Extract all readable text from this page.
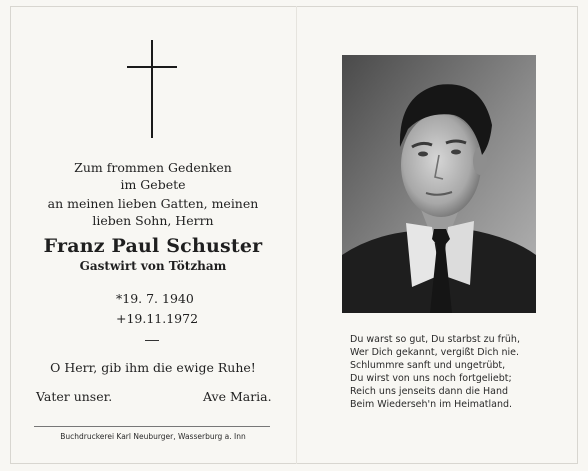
Zum frommen Gedenken
im Gebete
an meinen lieben Gatten, meinen
lieben Sohn, Herrn
Franz Paul Schuster
Gastwirt von Tötzham
*19. 7. 1940
+19.11.1972
O Herr, gib ihm die ewige Ruhe!
Vater unser.	Ave Maria.
Buchdruckerei Karl Neuburger, Wasserburg a. Inn
Du warst so gut, Du starbst zu früh,
Wer Dich gekannt, vergißt Dich nie.
Schlummre sanft und ungetrübt,
Du wirst von uns noch fortgeliebt;
Reich uns jenseits dann die Hand
Beim Wiederseh'n im Heimatland.
